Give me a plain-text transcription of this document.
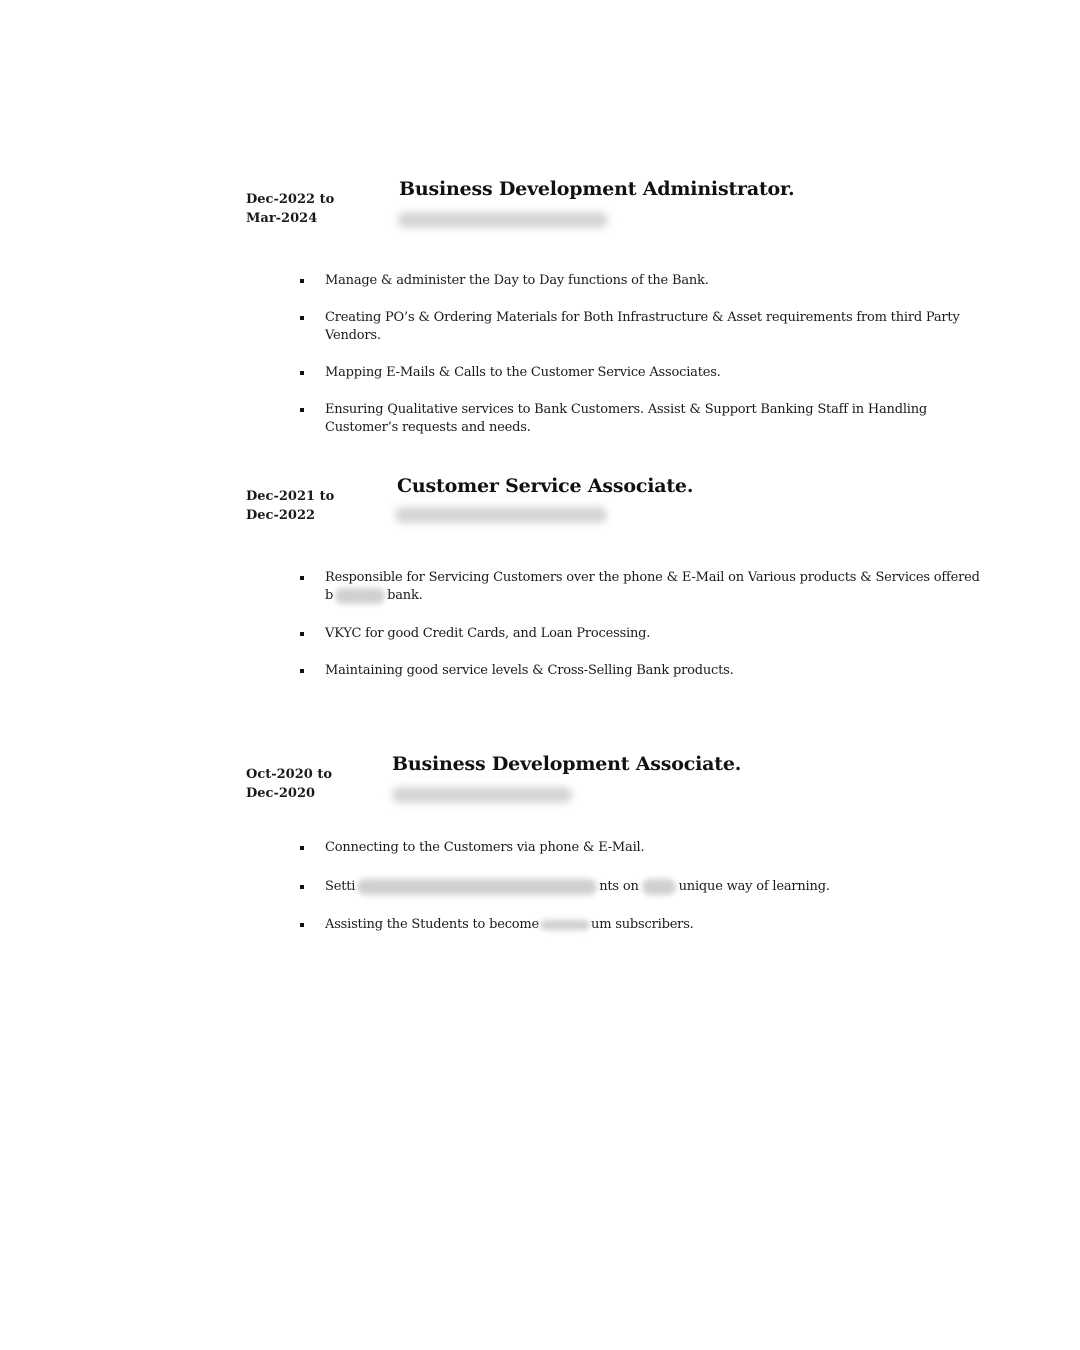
Dec-2022 to
Mar-2024
Business Development Administrator.
Manage & administer the Day to Day functions of the Bank.
Creating PO’s & Ordering Materials for Both Infrastructure & Asset requirements from third Party Vendors.
Mapping E-Mails & Calls to the Customer Service Associates.
Ensuring Qualitative services to Bank Customers. Assist & Support Banking Staff in Handling Customer’s requests and needs.
Dec-2021 to
Dec-2022
Customer Service Associate.
Responsible for Servicing Customers over the phone & E-Mail on Various products & Services offered b	bank.
VKYC for good Credit Cards, and Loan Processing.
Maintaining good service levels & Cross-Selling Bank products.
Oct-2020 to
Dec-2020
Business Development Associate.
Connecting to the Customers via phone & E-Mail.
Setti	nts on	unique way of learning.
Assisting the Students to become	um subscribers.
